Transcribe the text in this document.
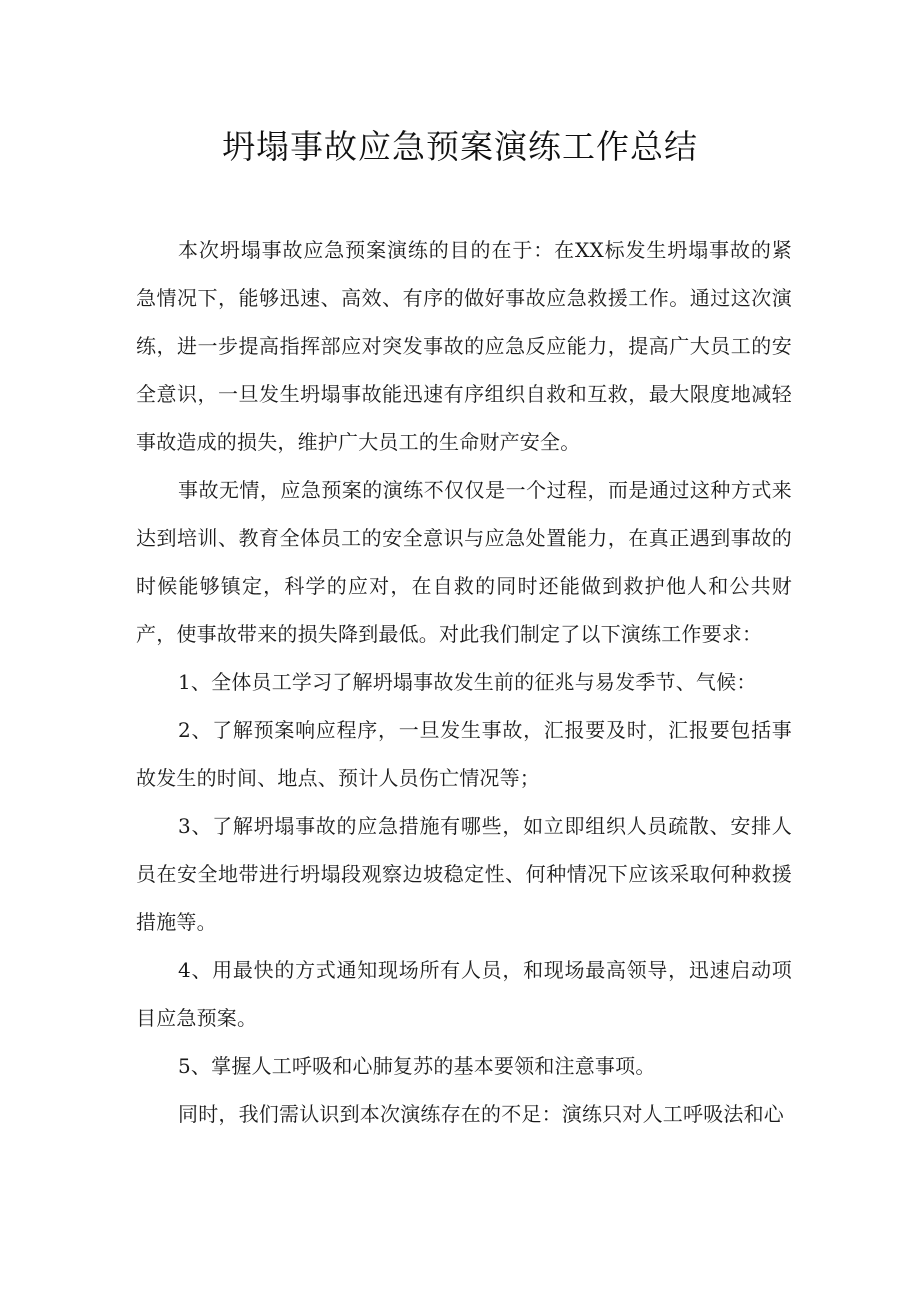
坍塌事故应急预案演练工作总结

本次坍塌事故应急预案演练的目的在于：在XX标发生坍塌事故的紧急情况下，能够迅速、高效、有序的做好事故应急救援工作。通过这次演练，进一步提高指挥部应对突发事故的应急反应能力，提高广大员工的安全意识，一旦发生坍塌事故能迅速有序组织自救和互救，最大限度地减轻事故造成的损失，维护广大员工的生命财产安全。

事故无情，应急预案的演练不仅仅是一个过程，而是通过这种方式来达到培训、教育全体员工的安全意识与应急处置能力，在真正遇到事故的时候能够镇定，科学的应对，在自救的同时还能做到救护他人和公共财产，使事故带来的损失降到最低。对此我们制定了以下演练工作要求：

1、全体员工学习了解坍塌事故发生前的征兆与易发季节、气候：

2、了解预案响应程序，一旦发生事故，汇报要及时，汇报要包括事故发生的时间、地点、预计人员伤亡情况等；

3、了解坍塌事故的应急措施有哪些，如立即组织人员疏散、安排人员在安全地带进行坍塌段观察边坡稳定性、何种情况下应该采取何种救援措施等。

4、用最快的方式通知现场所有人员，和现场最高领导，迅速启动项目应急预案。

5、掌握人工呼吸和心肺复苏的基本要领和注意事项。

同时，我们需认识到本次演练存在的不足：演练只对人工呼吸法和心
